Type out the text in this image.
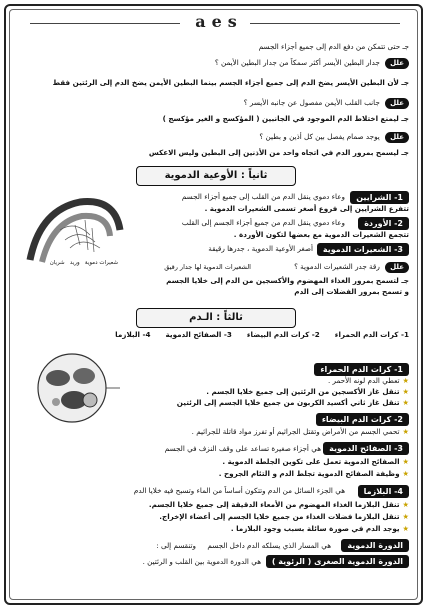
aes
جـ حتى تتمكن من دفع الدم إلى جميع أجزاء الجسم
علل جدار البطين الأيسر أكثر سمكاً من جدار البطين الأيمن ؟
جـ لأن البطين الأيسر يضخ الدم إلى جميع أجزاء الجسم بينما البطين الأيمن يضخ الدم إلى الرئتين فقط
علل جانب القلب الأيمن مفصول عن جانبه الأيسر ؟
جـ ليمنع اختلاط الدم الموجود في الجانبين ( المؤكسج و الغير مؤكسج )
علل يوجد صمام يفصل بين كل أذين و بطين ؟
جـ ليسمح بمرور الدم في اتجاه واحد من الأذنين إلى البطين وليس الاعكس
ثانياً : الأوعية الدموية
شعيرات دموية   وريد   شريان
1- الشرايين
وعاء دموي ينقل الدم من القلب إلى جميع أجزاء الجسم
تتفرع الشرايين إلى فروع أصغر تسمى الشعيرات الدموية .
2- الأوردة
وعاء دموي ينقل الدم من جميع أجزاء الجسم إلى القلب
تتجمع الشعيرات الدموية مع بعضها لتكون الأوردة .
3- الشعيرات الدموية
أصغر الأوعية الدموية ، جدرها رقيقة
علل رقة جدر الشعيرات الدموية ؟
الشعيرات الدموية لها جدار رقيق
جـ لتسمح بمرور الغذاء المهضوم والأكسجين من الدم إلى خلايا الجسم
و تسمح بمرور الفضلات إلى الدم
ثالثاً : الـدم
1- كرات الدم الحمراء      2- كرات الدم البيضاء      3- الصفائح الدموية      4- البلازما
1- كرات الدم الحمراء
★تعطي الدم لونه الأحمر .
★تنقل غاز الأكسجين من الرئتين إلى جميع خلايا الجسم .
★تنقل غاز ثاني أكسيد الكربون من جميع خلايا الجسم إلى الرئتين
2- كرات الدم البيضاء
★تحمي الجسم من الأمراض وتقتل الجراثيم أو تفرز مواد قاتلة للجراثيم .
3- الصفائح الدموية
هي أجزاء صغيرة تساعد على وقف النزف في الجسم
★الصفائح الدموية تعمل على تكوين الجلطة الدموية .
★وظيفة الصفائح الدموية تجلط الدم و التئام الجروح .
4- البلازما
هي الجزء السائل من الدم وتتكون أساساً من الماء وتسبح فيه خلايا الدم
★تنقل البلازما الغذاء المهضوم من الأمعاء الدقيقة إلى جميع خلايا الجسم.
★تنقل البلازما فضلات الغذاء من جميع خلايا الجسم إلى أعضاء الإخراج.
★يوجد الدم في صورة سائلة بسبب وجود البلازما .
الدورة الدموية
هي المسار الذي يسلكه الدم داخل الجسم     وتنقسم إلى :
الدورة الدموية الصغرى ( الرئوية )
هي الدورة الدموية بين القلب و الرئتين .
